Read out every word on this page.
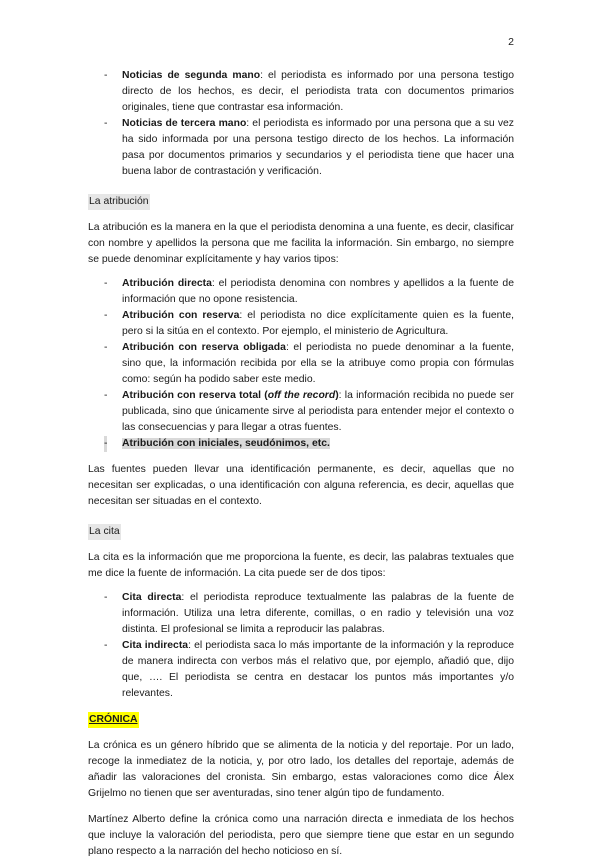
2
- Noticias de segunda mano: el periodista es informado por una persona testigo directo de los hechos, es decir, el periodista trata con documentos primarios originales, tiene que contrastar esa información.
- Noticias de tercera mano: el periodista es informado por una persona que a su vez ha sido informada por una persona testigo directo de los hechos. La información pasa por documentos primarios y secundarios y el periodista tiene que hacer una buena labor de contrastación y verificación.
La atribución

La atribución es la manera en la que el periodista denomina a una fuente, es decir, clasificar con nombre y apellidos la persona que me facilita la información. Sin embargo, no siempre se puede denominar explícitamente y hay varios tipos:

- Atribución directa: el periodista denomina con nombres y apellidos a la fuente de información que no opone resistencia.
- Atribución con reserva: el periodista no dice explícitamente quien es la fuente, pero si la sitúa en el contexto. Por ejemplo, el ministerio de Agricultura.
- Atribución con reserva obligada: el periodista no puede denominar a la fuente, sino que, la información recibida por ella se la atribuye como propia con fórmulas como: según ha podido saber este medio.
- Atribución con reserva total (off the record): la información recibida no puede ser publicada, sino que únicamente sirve al periodista para entender mejor el contexto o las consecuencias y para llegar a otras fuentes.
- Atribución con iniciales, seudónimos, etc.

Las fuentes pueden llevar una identificación permanente, es decir, aquellas que no necesitan ser explicadas, o una identificación con alguna referencia, es decir, aquellas que necesitan ser situadas en el contexto.

La cita

La cita es la información que me proporciona la fuente, es decir, las palabras textuales que me dice la fuente de información. La cita puede ser de dos tipos:

- Cita directa: el periodista reproduce textualmente las palabras de la fuente de información. Utiliza una letra diferente, comillas, o en radio y televisión una voz distinta. El profesional se limita a reproducir las palabras.
- Cita indirecta: el periodista saca lo más importante de la información y la reproduce de manera indirecta con verbos más el relativo que, por ejemplo, añadió que, dijo que, …. El periodista se centra en destacar los puntos más importantes y/o relevantes.
CRÓNICA

La crónica es un género híbrido que se alimenta de la noticia y del reportaje. Por un lado, recoge la inmediatez de la noticia, y, por otro lado, los detalles del reportaje, además de añadir las valoraciones del cronista. Sin embargo, estas valoraciones como dice Álex Grijelmo no tienen que ser aventuradas, sino tener algún tipo de fundamento.

Martínez Alberto define la crónica como una narración directa e inmediata de los hechos que incluye la valoración del periodista, pero que siempre tiene que estar en un segundo plano respecto a la narración del hecho noticioso en sí.
